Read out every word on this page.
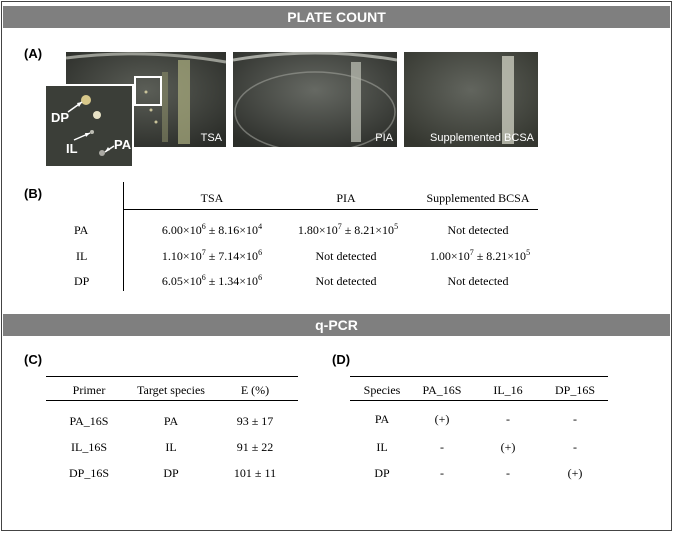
PLATE COUNT
(A)
TSA
DP
IL	PA	PIA	Supplemented BCSA
(B)	TSA	PIA	Supplemented BCSA
PA	$6.00\times 10^6 \pm 8.16\times 10^4$	$1.80\times 10^7 \pm 8.21\times 10^5$	Not detected
IL	$1.10\times 10^7 \pm 7.14\times 10^6$	Not detected	$1.00\times 10^7 \pm 8.21\times 10^5$
DP	$6.05\times 10^6 \pm 1.34\times 10^6$	Not detected	Not detected
q-PCR
(C)
Primer	Target species	E (%)
PA_16S	PA	93 ± 17
IL_16S	IL	91 ± 22
DP_16S	DP	101 ± 11
(D)
Species	PA_16S	IL_16	DP_16S
PA	(+)	-	-
IL	-	(+)	-
DP	-	-	(+)
